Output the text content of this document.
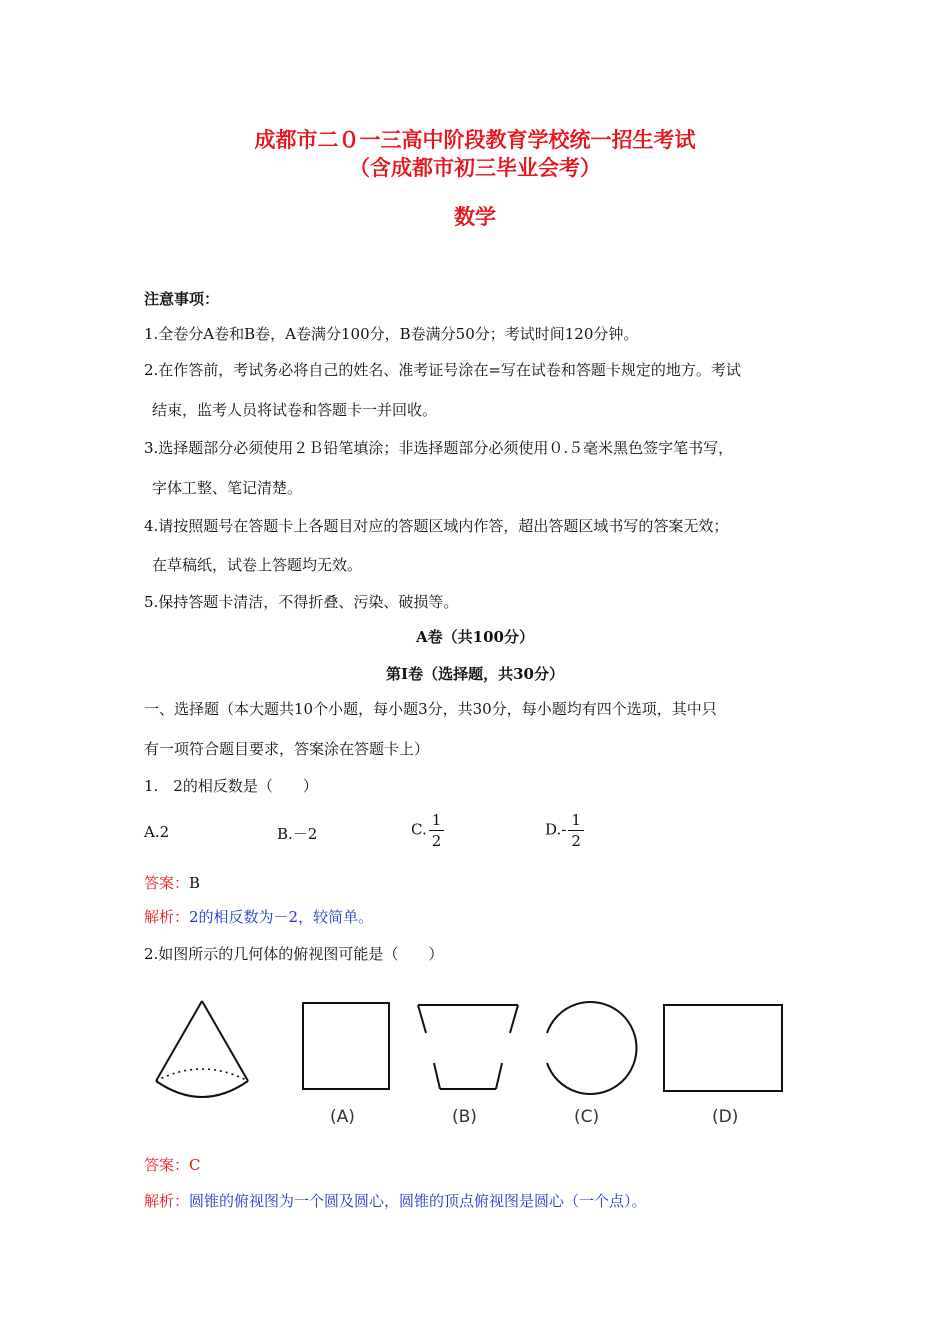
成都市二０一三高中阶段教育学校统一招生考试
（含成都市初三毕业会考）
数学
注意事项：
1.全卷分A卷和B卷，A卷满分100分，B卷满分50分；考试时间120分钟。
2.在作答前，考试务必将自己的姓名、准考证号涂在=写在试卷和答题卡规定的地方。考试
结束，监考人员将试卷和答题卡一并回收。
3.选择题部分必须使用２Ｂ铅笔填涂；非选择题部分必须使用０.５毫米黑色签字笔书写，
字体工整、笔记清楚。
4.请按照题号在答题卡上各题目对应的答题区域内作答，超出答题区域书写的答案无效；
在草稿纸，试卷上答题均无效。
5.保持答题卡清洁，不得折叠、污染、破损等。
A卷（共100分）
第Ⅰ卷（选择题，共30分）
一、选择题（本大题共10个小题，每小题3分，共30分，每小题均有四个选项，其中只
有一项符合题目要求，答案涂在答题卡上）
1.　2的相反数是（　　）
A.2	B.－2	C. $\frac{1}{2}$	$D.- \frac{1}{2}$
答案：B
解析：2的相反数为－2，较简单。
2.如图所示的几何体的俯视图可能是（　　）
(A)	(B)	(C)	(D)
答案：C
解析：圆锥的俯视图为一个圆及圆心，圆锥的顶点俯视图是圆心（一个点）。
